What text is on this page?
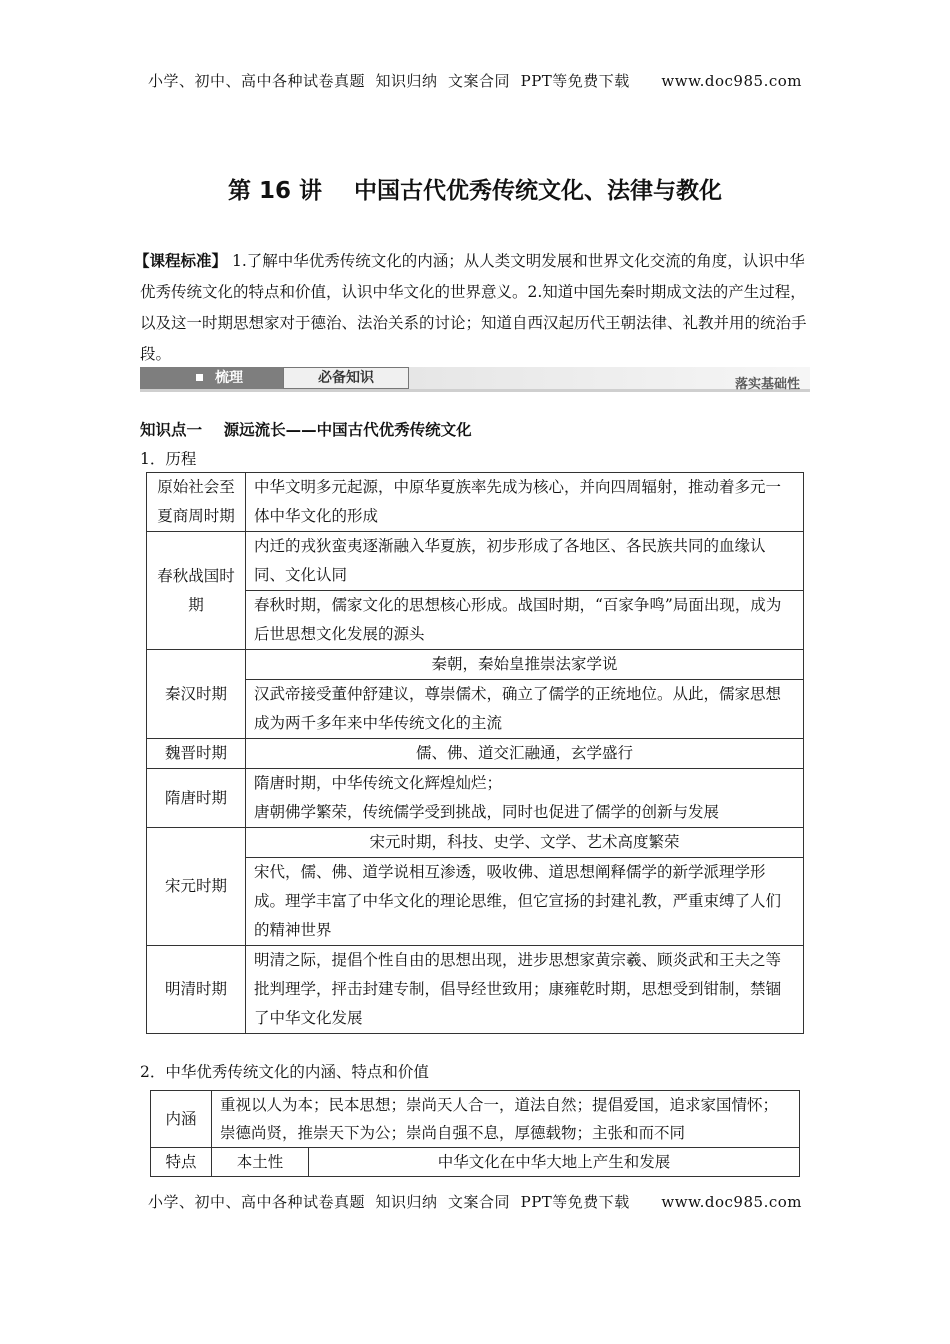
小学、初中、高中各种试卷真题  知识归纳  文案合同  PPT等免费下载      www.doc985.com
第 16 讲    中国古代优秀传统文化、法律与教化
【课程标准】 1.了解中华优秀传统文化的内涵；从人类文明发展和世界文化交流的角度，认识中华优秀传统文化的特点和价值，认识中华文化的世界意义。2.知道中国先秦时期成文法的产生过程，以及这一时期思想家对于德治、法治关系的讨论；知道自西汉起历代王朝法律、礼教并用的统治手段。
梳理	必备知识	落实基础性
知识点一    源远流长——中国古代优秀传统文化
1．历程
原始社会至夏商周时期	中华文明多元起源，中原华夏族率先成为核心，并向四周辐射，推动着多元一体中华文化的形成
春秋战国时期	内迁的戎狄蛮夷逐渐融入华夏族，初步形成了各地区、各民族共同的血缘认同、文化认同
	春秋时期，儒家文化的思想核心形成。战国时期，“百家争鸣”局面出现，成为后世思想文化发展的源头
秦汉时期	秦朝，秦始皇推崇法家学说
	汉武帝接受董仲舒建议，尊崇儒术，确立了儒学的正统地位。从此，儒家思想成为两千多年来中华传统文化的主流
魏晋时期	儒、佛、道交汇融通，玄学盛行
隋唐时期	隋唐时期，中华传统文化辉煌灿烂；
唐朝佛学繁荣，传统儒学受到挑战，同时也促进了儒学的创新与发展

宋元时期	宋元时期，科技、史学、文学、艺术高度繁荣
	宋代，儒、佛、道学说相互渗透，吸收佛、道思想阐释儒学的新学派理学形成。理学丰富了中华文化的理论思维，但它宣扬的封建礼教，严重束缚了人们的精神世界
明清时期	明清之际，提倡个性自由的思想出现，进步思想家黄宗羲、顾炎武和王夫之等批判理学，抨击封建专制，倡导经世致用；康雍乾时期，思想受到钳制，禁锢了中华文化发展
2．中华优秀传统文化的内涵、特点和价值
内涵	重视以人为本；民本思想；崇尚天人合一，道法自然；提倡爱国，追求家国情怀；崇德尚贤，推崇天下为公；崇尚自强不息，厚德载物；主张和而不同	
特点	本土性	中华文化在中华大地上产生和发展
小学、初中、高中各种试卷真题  知识归纳  文案合同  PPT等免费下载      www.doc985.com
